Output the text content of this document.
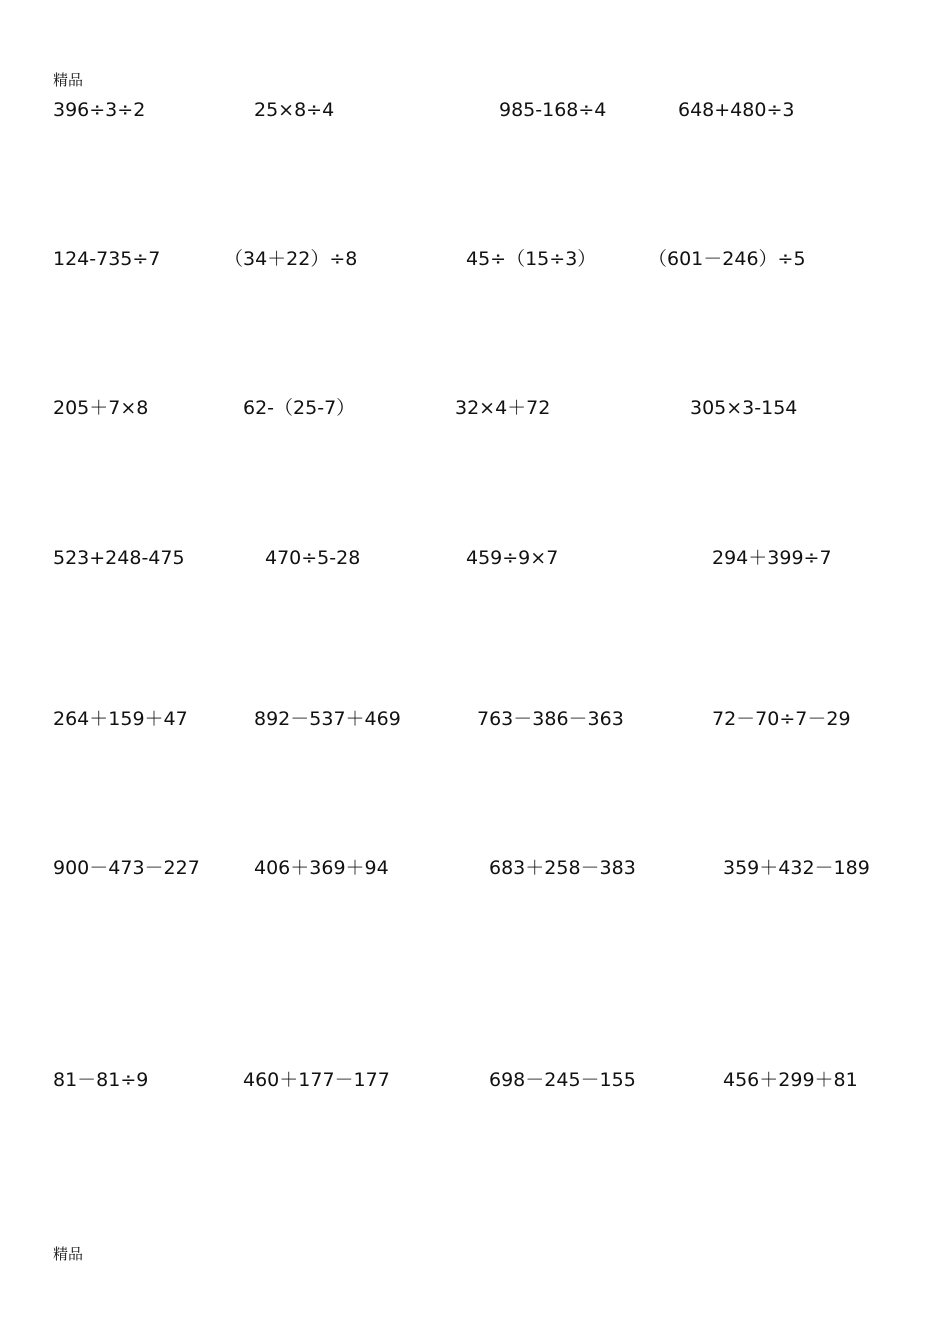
精品
396÷3÷2	25×8÷4	985-168÷4	648+480÷3
124-735÷7	（34＋22）÷8	45÷（15÷3）	（601－246）÷5
205＋7×8	62-（25-7）	32×4＋72	305×3-154
523+248-475	470÷5-28	459÷9×7	294＋399÷7
264＋159＋47	892－537＋469	763－386－363	72－70÷7－29
900－473－227	406＋369＋94	683＋258－383	359＋432－189
81－81÷9	460＋177－177	698－245－155	456＋299＋81
精品
